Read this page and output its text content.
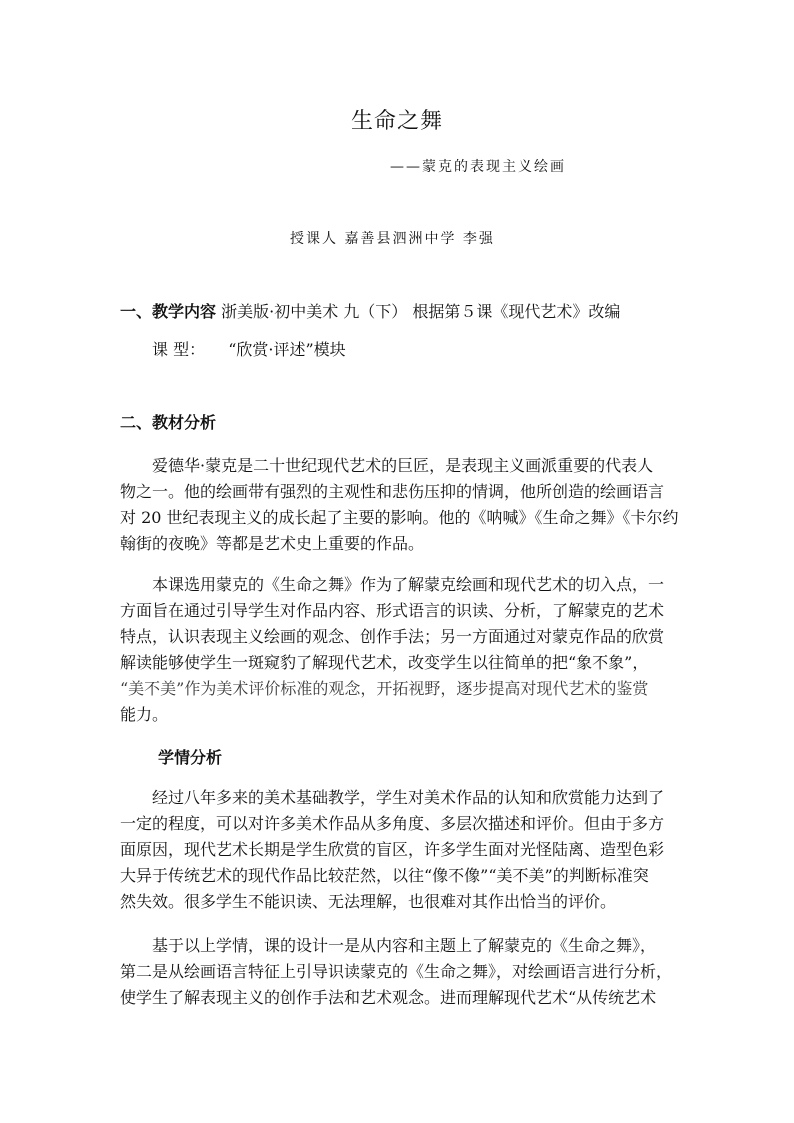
生命之舞
——蒙克的表现主义绘画
授课人 嘉善县泗洲中学 李强
一、教学内容 浙美版·初中美术 九（下） 根据第５课《现代艺术》改编
课 型： “欣赏·评述”模块
二、教材分析
爱德华·蒙克是二十世纪现代艺术的巨匠，是表现主义画派重要的代表人
物之一。他的绘画带有强烈的主观性和悲伤压抑的情调，他所创造的绘画语言
对 20 世纪表现主义的成长起了主要的影响。他的《呐喊》《生命之舞》《卡尔约
翰街的夜晚》等都是艺术史上重要的作品。
本课选用蒙克的《生命之舞》作为了解蒙克绘画和现代艺术的切入点，一
方面旨在通过引导学生对作品内容、形式语言的识读、分析，了解蒙克的艺术
特点，认识表现主义绘画的观念、创作手法；另一方面通过对蒙克作品的欣赏
解读能够使学生一斑窥豹了解现代艺术，改变学生以往简单的把“象不象”，
“美不美”作为美术评价标准的观念，开拓视野，逐步提高对现代艺术的鉴赏
能力。
学情分析
经过八年多来的美术基础教学，学生对美术作品的认知和欣赏能力达到了
一定的程度，可以对许多美术作品从多角度、多层次描述和评价。但由于多方
面原因，现代艺术长期是学生欣赏的盲区，许多学生面对光怪陆离、造型色彩
大异于传统艺术的现代作品比较茫然，以往“像不像”“美不美”的判断标准突
然失效。很多学生不能识读、无法理解，也很难对其作出恰当的评价。
基于以上学情，课的设计一是从内容和主题上了解蒙克的《生命之舞》，
第二是从绘画语言特征上引导识读蒙克的《生命之舞》，对绘画语言进行分析，
使学生了解表现主义的创作手法和艺术观念。进而理解现代艺术“从传统艺术
